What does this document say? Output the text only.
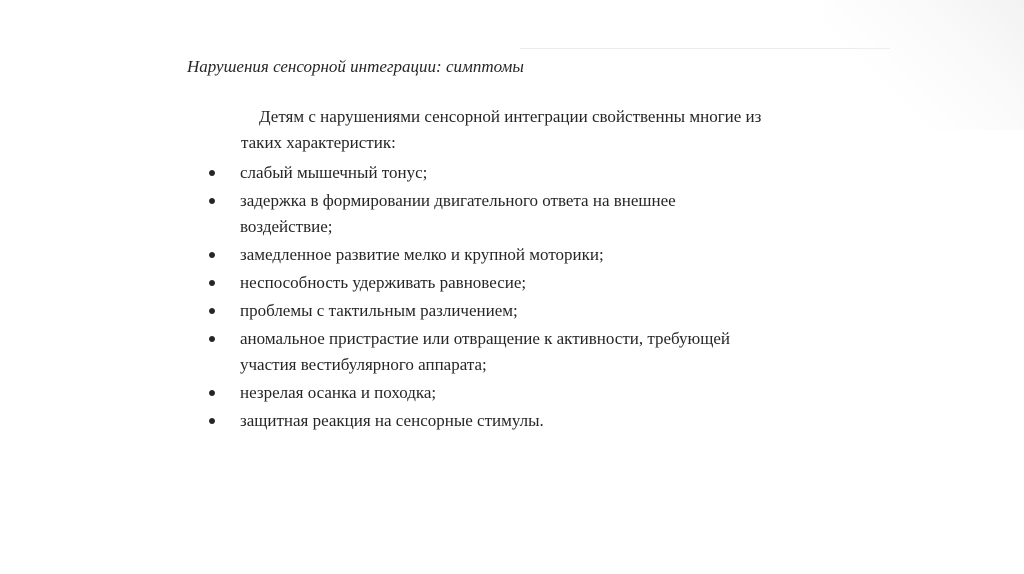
Нарушения сенсорной интеграции: симптомы

Детям с нарушениями сенсорной интеграции свойственны многие из таких характеристик:

слабый мышечный тонус;
задержка в формировании двигательного ответа на внешнее воздействие;
замедленное развитие мелко и крупной моторики;
неспособность удерживать равновесие;
проблемы с тактильным различением;
аномальное пристрастие или отвращение к активности, требующей участия вестибулярного аппарата;
незрелая осанка и походка;
защитная реакция на сенсорные стимулы.
